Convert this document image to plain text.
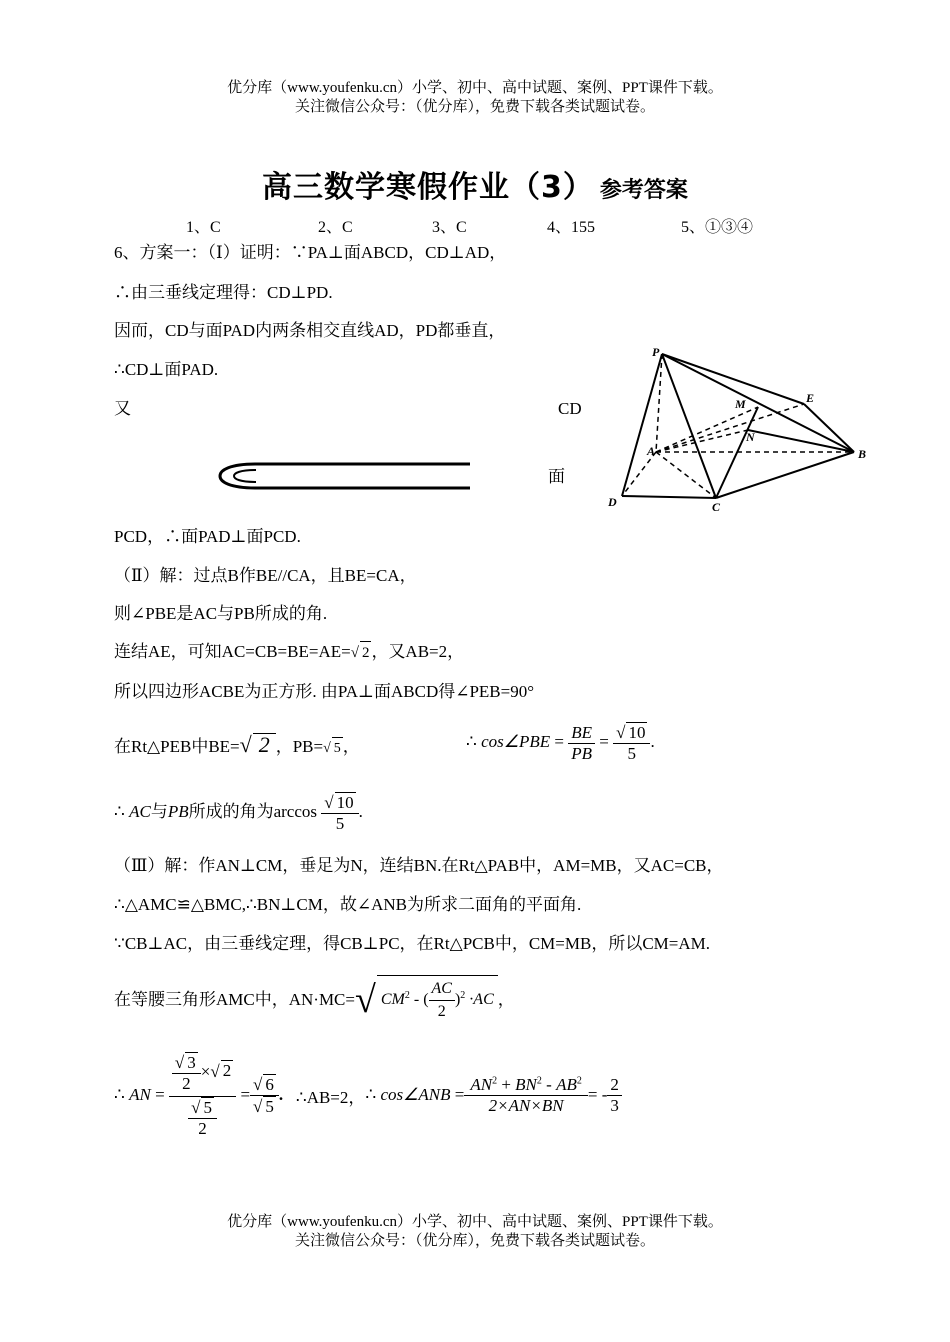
优分库（www.youfenku.cn）小学、初中、高中试题、案例、PPT课件下载。
关注微信公众号：（优分库），免费下载各类试题试卷。
高三数学寒假作业（3） 参考答案
1、C	2、C	3、C	4、155	5、①③④
6、方案一：（Ⅰ）证明：∵PA⊥面ABCD，CD⊥AD，
∴由三垂线定理得：CD⊥PD.
因而，CD与面PAD内两条相交直线AD，PD都垂直，
∴CD⊥面PAD.
又	CD
面
PCD，∴面PAD⊥面PCD.
（Ⅱ）解：过点B作BE//CA，且BE=CA，
则∠PBE是AC与PB所成的角.
连结AE，可知AC=CB=BE=AE=√ 2 ，又AB=2，
所以四边形ACBE为正方形. 由PA⊥面ABCD得∠PEB=90°
在Rt△PEB中BE=√ 2 ，PB=√ 5 ，	∴ cos∠PBE = $\frac{BE}{PB} = \frac{√ 10}{5}$ .
∴ AC与PB所成的角为$\arccos \frac{√ 10}{5}$ .
（Ⅲ）解：作AN⊥CM，垂足为N，连结BN.在Rt△PAB中，AM=MB，又AC=CB，
∴△AMC≌△BMC,∴BN⊥CM，故∠ANB为所求二面角的平面角.
∵CB⊥AC，由三垂线定理，得CB⊥PC，在Rt△PCB中，CM=MB，所以CM=AM.
在等腰三角形AMC中，AN·MC= √ $CM^2$ - ( $\frac{AC}{2} )^2 \cdot AC$ ，
∴
AN
=
$\frac{\frac{√ 3}{2} \times√ 2}{\frac{√ 5}{2}}$
= $\frac{√ 6}{√ 5}$ .
∴AB=2， ∴
cos∠ANB
= $\frac{AN^2 + BN^2 - AB^2}{2\times AN\times BN}$ = - $\frac{2}{3}$
P
A	B
C
D
E
M
N
优分库（www.youfenku.cn）小学、初中、高中试题、案例、PPT课件下载。
关注微信公众号：（优分库），免费下载各类试题试卷。
